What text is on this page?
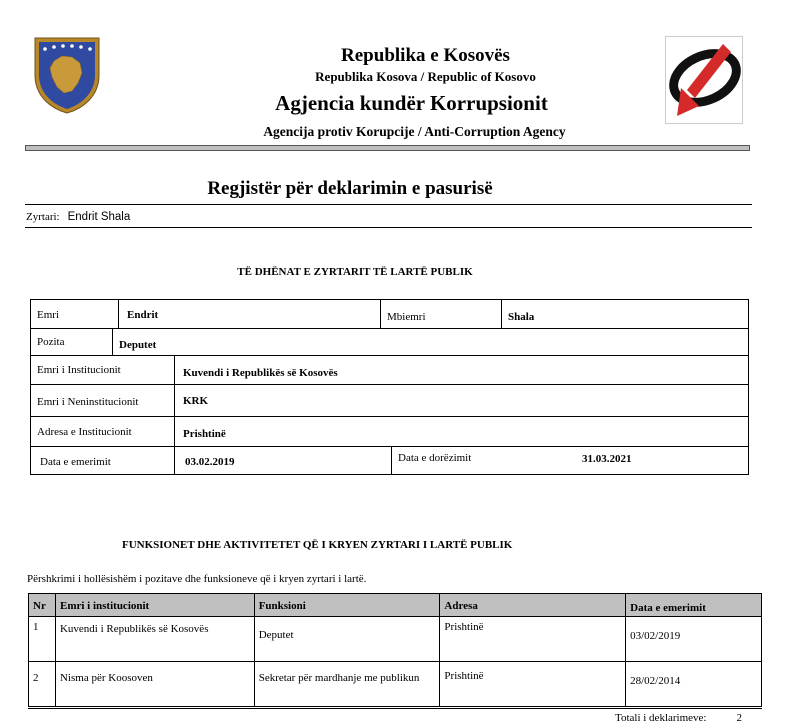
Republika e Kosovës
Republika Kosova / Republic of Kosovo
Agjencia kundër Korrupsionit
Agencija protiv Korupcije / Anti-Corruption Agency
Regjistër për deklarimin e pasurisë
Zyrtari: Endrit Shala
TË DHËNAT E ZYRTARIT TË LARTË PUBLIK
Emri	Endrit	Mbiemri	Shala
Pozita	Deputet
Emri i Institucionit	Kuvendi i Republikës së Kosovës
Emri i Neninstitucionit	KRK
Adresa e Institucionit	Prishtinë
Data e emerimit	03.02.2019	Data e dorëzimit	31.03.2021
FUNKSIONET DHE AKTIVITETET QË I KRYEN ZYRTARI I LARTË PUBLIK
Përshkrimi i hollësishëm i pozitave dhe funksioneve që i kryen zyrtari i lartë.
Nr	Emri i institucionit	Funksioni	Adresa	Data e emerimit
1	Kuvendi i Republikës së Kosovës	Deputet	Prishtinë	03/02/2019
2	Nisma për Koosoven	Sekretar për mardhanje me publikun	Prishtinë	28/02/2014
Totali i deklarimeve:	2
